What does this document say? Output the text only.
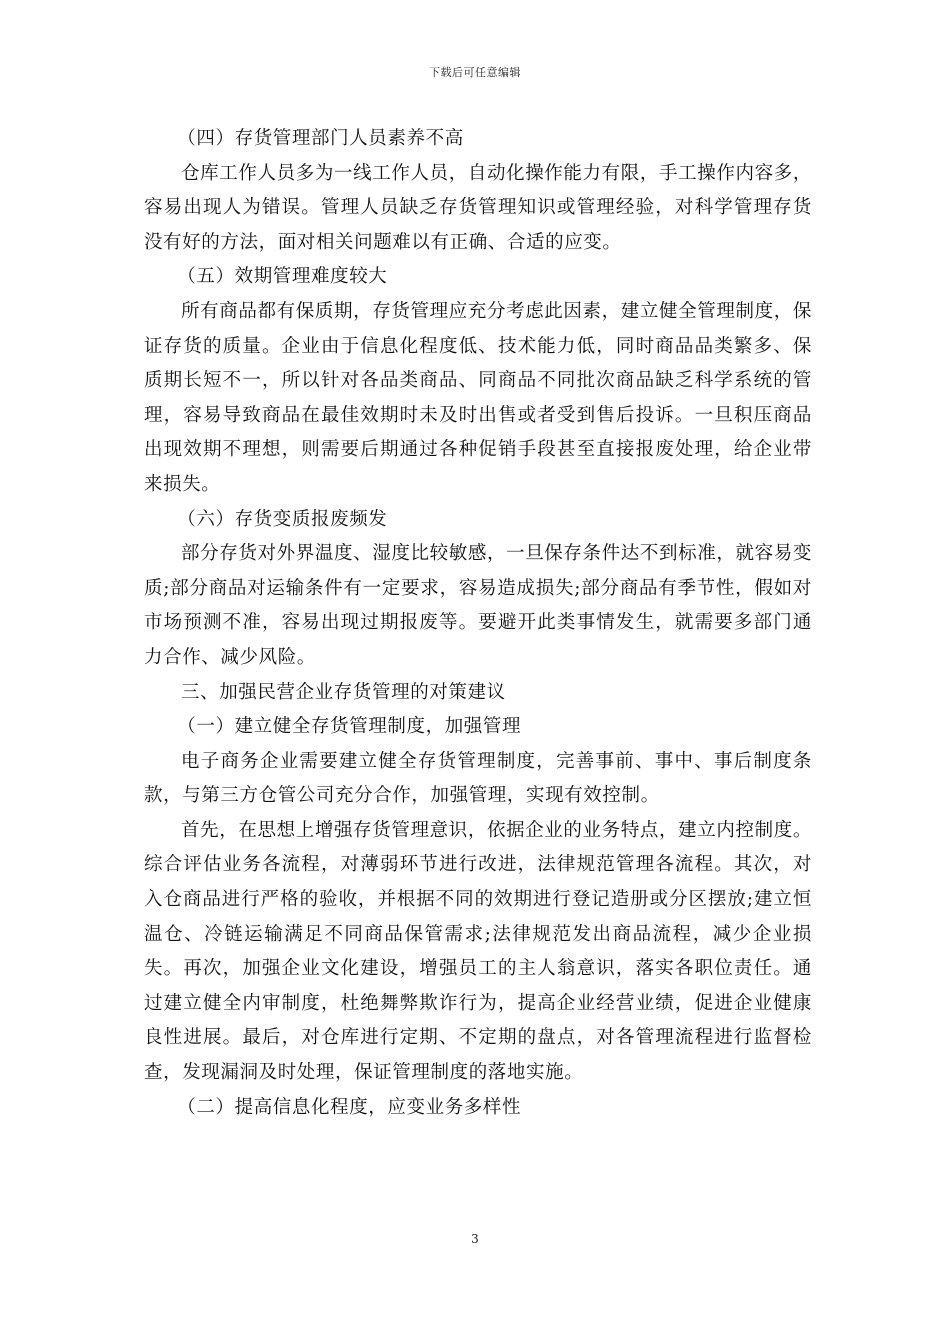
下载后可任意编辑

（四）存货管理部门人员素养不高

仓库工作人员多为一线工作人员，自动化操作能力有限，手工操作内容多，容易出现人为错误。管理人员缺乏存货管理知识或管理经验，对科学管理存货没有好的方法，面对相关问题难以有正确、合适的应变。

（五）效期管理难度较大

所有商品都有保质期，存货管理应充分考虑此因素，建立健全管理制度，保证存货的质量。企业由于信息化程度低、技术能力低，同时商品品类繁多、保质期长短不一，所以针对各品类商品、同商品不同批次商品缺乏科学系统的管理，容易导致商品在最佳效期时未及时出售或者受到售后投诉。一旦积压商品出现效期不理想，则需要后期通过各种促销手段甚至直接报废处理，给企业带来损失。

（六）存货变质报废频发

部分存货对外界温度、湿度比较敏感，一旦保存条件达不到标准，就容易变质;部分商品对运输条件有一定要求，容易造成损失;部分商品有季节性，假如对市场预测不准，容易出现过期报废等。要避开此类事情发生，就需要多部门通力合作、减少风险。

三、加强民营企业存货管理的对策建议

（一）建立健全存货管理制度，加强管理

电子商务企业需要建立健全存货管理制度，完善事前、事中、事后制度条款，与第三方仓管公司充分合作，加强管理，实现有效控制。

首先，在思想上增强存货管理意识，依据企业的业务特点，建立内控制度。综合评估业务各流程，对薄弱环节进行改进，法律规范管理各流程。其次，对入仓商品进行严格的验收，并根据不同的效期进行登记造册或分区摆放;建立恒温仓、冷链运输满足不同商品保管需求;法律规范发出商品流程，减少企业损失。再次，加强企业文化建设，增强员工的主人翁意识，落实各职位责任。通过建立健全内审制度，杜绝舞弊欺诈行为，提高企业经营业绩，促进企业健康良性进展。最后，对仓库进行定期、不定期的盘点，对各管理流程进行监督检查，发现漏洞及时处理，保证管理制度的落地实施。

（二）提高信息化程度，应变业务多样性

3
